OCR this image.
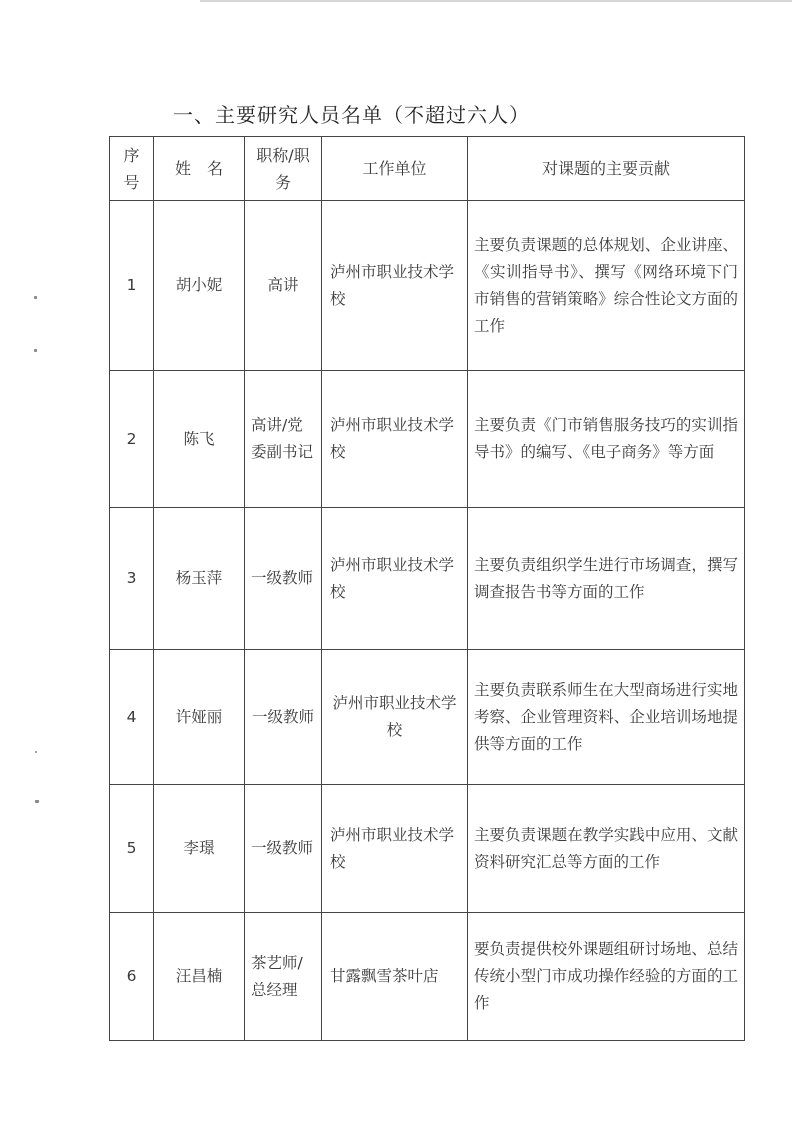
一、主要研究人员名单（不超过六人）
序号	姓　名	职称/职务	工作单位	对课题的主要贡献
1	胡小妮	高讲	泸州市职业技术学校	主要负责课题的总体规划、企业讲座、《实训指导书》、撰写《网络环境下门市销售的营销策略》综合性论文方面的工作
2	陈飞	高讲/党委副书记	泸州市职业技术学校	主要负责《门市销售服务技巧的实训指导书》的编写、《电子商务》等方面
3	杨玉萍	一级教师	泸州市职业技术学校	主要负责组织学生进行市场调查，撰写调查报告书等方面的工作
4	许娅丽	一级教师	泸州市职业技术学校	主要负责联系师生在大型商场进行实地考察、企业管理资料、企业培训场地提供等方面的工作
5	李璟	一级教师	泸州市职业技术学校	主要负责课题在教学实践中应用、文献资料研究汇总等方面的工作
6	汪昌楠	茶艺师/总经理	甘露飘雪茶叶店	要负责提供校外课题组研讨场地、总结传统小型门市成功操作经验的方面的工作
